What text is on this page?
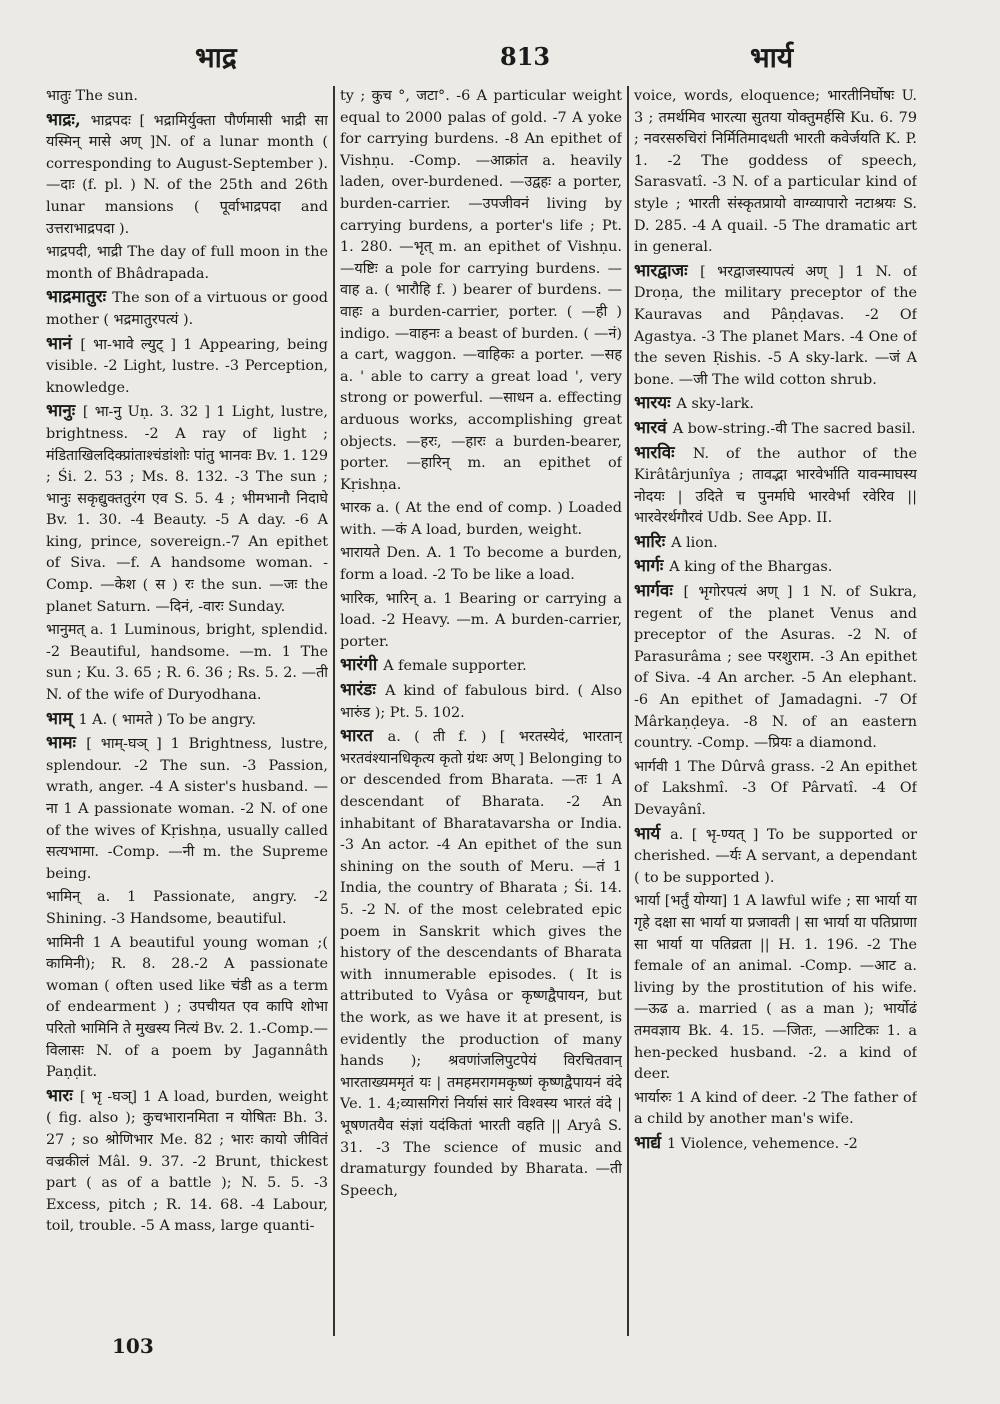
भाद्र	813	भार्य

भातुः The sun.

भाद्रः, भाद्रपदः [ भद्रामिर्युक्ता पौर्णमासी भाद्री सा यस्मिन् मासे अण् ]N. of a lunar month ( corresponding to August-September ). —दाः (f. pl. ) N. of the 25th and 26th lunar mansions ( पूर्वाभाद्रपदा and उत्तराभाद्रपदा ).

भाद्रपदी, भाद्री The day of full moon in the month of Bhâdrapada.

भाद्रमातुरः The son of a virtuous or good mother ( भद्रमातुरपत्यं ).

भानं [ भा-भावे ल्युट् ] 1 Appearing, being visible. -2 Light, lustre. -3 Perception, knowledge.

भानुः [ भा-नु Uṇ. 3. 32 ] 1 Light, lustre, brightness. -2 A ray of light ; मंडिताखिलदिक्प्रांताश्चंडांशोः पांतु भानवः Bv. 1. 129 ; Śi. 2. 53 ; Ms. 8. 132. -3 The sun ; भानुः सकृद्युक्ततुरंग एव S. 5. 4 ; भीमभानौ निदाघे Bv. 1. 30. -4 Beauty. -5 A day. -6 A king, prince, sovereign.-7 An epithet of Siva. —f. A handsome woman. -Comp. —केश ( स ) रः the sun. —जः the planet Saturn. —दिनं, -वारः Sunday.

भानुमत् a. 1 Luminous, bright, splendid. -2 Beautiful, handsome. —m. 1 The sun ; Ku. 3. 65 ; R. 6. 36 ; Rs. 5. 2. —ती N. of the wife of Duryodhana.

भाम् 1 A. ( भामते ) To be angry.

भामः [ भाम्-घञ् ] 1 Brightness, lustre, splendour. -2 The sun. -3 Passion, wrath, anger. -4 A sister's husband. —ना 1 A passionate woman. -2 N. of one of the wives of Kṛishṇa, usually called सत्यभामा. -Comp. —नी m. the Supreme being.

भामिन् a. 1 Passionate, angry. -2 Shining. -3 Handsome, beautiful.

भामिनी 1 A beautiful young woman ;( कामिनी); R. 8. 28.-2 A passionate woman ( often used like चंडी as a term of endearment ) ; उपचीयत एव कापि शोभा परितो भामिनि ते मुखस्य नित्यं Bv. 2. 1.-Comp.—विलासः N. of a poem by Jagannâth Paṇḍit.

भारः [ भृ -घञ्] 1 A load, burden, weight ( fig. also ); कुचभारानमिता न योषितः Bh. 3. 27 ; so श्रोणिभार Me. 82 ; भारः कायो जीवितं वज्रकीलं Mâl. 9. 37. -2 Brunt, thickest part ( as of a battle ); N. 5. 5. -3 Excess, pitch ; R. 14. 68. -4 Labour, toil, trouble. -5 A mass, large quanti-

ty ; कुच °, जटा°. -6 A particular weight equal to 2000 palas of gold. -7 A yoke for carrying burdens. -8 An epithet of Vishṇu. -Comp. —आक्रांत a. heavily laden, over-burdened. —उद्वहः a porter, burden-carrier. —उपजीवनं living by carrying burdens, a porter's life ; Pt. 1. 280. —भृत् m. an epithet of Vishṇu. —यष्टिः a pole for carrying burdens. —वाह a. ( भारौहि f. ) bearer of burdens. —वाहः a burden-carrier, porter. ( —ही ) indigo. —वाहनः a beast of burden. ( —नं) a cart, waggon. —वाहिकः a porter. —सह a. ' able to carry a great load ', very strong or powerful. —साधन a. effecting arduous works, accomplishing great objects. —हरः, —हारः a burden-bearer, porter. —हारिन् m. an epithet of Kṛishṇa.

भारक a. ( At the end of comp. ) Loaded with. —कं A load, burden, weight.

भारायते Den. A. 1 To become a burden, form a load. -2 To be like a load.

भारिक, भारिन् a. 1 Bearing or carrying a load. -2 Heavy. —m. A burden-carrier, porter.

भारंगी A female supporter.

भारंडः A kind of fabulous bird. ( Also भारुंड ); Pt. 5. 102.

भारत a. ( ती f. ) [ भरतस्येदं, भारतान् भरतवंश्यानधिकृत्य कृतो ग्रंथः अण् ] Belonging to or descended from Bharata. —तः 1 A descendant of Bharata. -2 An inhabitant of Bharatavarsha or India. -3 An actor. -4 An epithet of the sun shining on the south of Meru. —तं 1 India, the country of Bharata ; Śi. 14. 5. -2 N. of the most celebrated epic poem in Sanskrit which gives the history of the descendants of Bharata with innumerable episodes. ( It is attributed to Vyâsa or कृष्णद्वैपायन, but the work, as we have it at present, is evidently the production of many hands ); श्रवणांजलिपुटपेयं विरचितवान् भारताख्यममृतं यः | तमहमरागमकृष्णं कृष्णद्वैपायनं वंदे Ve. 1. 4;व्यासगिरां निर्यासं सारं विश्वस्य भारतं वंदे | भूषणतयैव संज्ञां यदंकितां भारती वहति || Aryâ S. 31. -3 The science of music and dramaturgy founded by Bharata. —ती Speech,

voice, words, eloquence; भारतीनिर्घोषः U. 3 ; तमर्थमिव भारत्या सुतया योक्तुमर्हसि Ku. 6. 79 ; नवरसरुचिरां निर्मितिमादधती भारती कवेर्जयति K. P. 1. -2 The goddess of speech, Sarasvatî. -3 N. of a particular kind of style ; भारती संस्कृतप्रायो वाग्व्यापारो नटाश्रयः S. D. 285. -4 A quail. -5 The dramatic art in general.

भारद्वाजः [ भरद्वाजस्यापत्यं अण् ] 1 N. of Droṇa, the military preceptor of the Kauravas and Pâṇḍavas. -2 Of Agastya. -3 The planet Mars. -4 One of the seven Ṛishis. -5 A sky-lark. —जं A bone. —जी The wild cotton shrub.

भारयः A sky-lark.

भारवं A bow-string.-वी The sacred basil.

भारविः N. of the author of the Kirâtârjunîya ; तावद्भा भारवेर्भाति यावन्माघस्य नोदयः | उदिते च पुनर्माघे भारवेर्भा रवेरिव || भारवेरर्थगौरवं Udb. See App. II.

भारिः A lion.

भार्गः A king of the Bhargas.

भार्गवः [ भृगोरपत्यं अण् ] 1 N. of Sukra, regent of the planet Venus and preceptor of the Asuras. -2 N. of Parasurâma ; see परशुराम. -3 An epithet of Siva. -4 An archer. -5 An elephant. -6 An epithet of Jamadagni. -7 Of Mârkaṇḍeya. -8 N. of an eastern country. -Comp. —प्रियः a diamond.

भार्गवी 1 The Dûrvâ grass. -2 An epithet of Lakshmî. -3 Of Pârvatî. -4 Of Devayânî.

भार्य a. [ भृ-ण्यत् ] To be supported or cherished. —र्यः A servant, a dependant ( to be supported ).

भार्या [भर्तुं योग्या] 1 A lawful wife ; सा भार्या या गृहे दक्षा सा भार्या या प्रजावती | सा भार्या या पतिप्राणा सा भार्या या पतिव्रता || H. 1. 196. -2 The female of an animal. -Comp. —आट a. living by the prostitution of his wife. —ऊढ a. married ( as a man ); भार्योढं तमवज्ञाय Bk. 4. 15. —जितः, —आटिकः 1. a hen-pecked husband. -2. a kind of deer.

भार्यारुः 1 A kind of deer. -2 The father of a child by another man's wife.

भार्द्य 1 Violence, vehemence. -2

103
